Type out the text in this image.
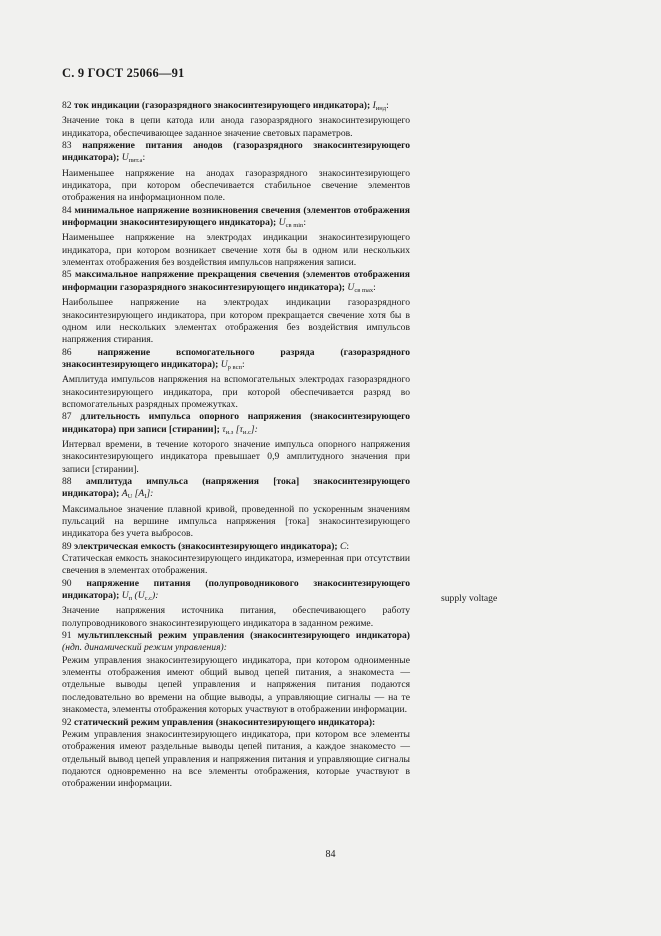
С. 9 ГОСТ 25066—91

82 ток индикации (газоразрядного знакосинтезирующего индикатора); $I_{инд}$:

Значение тока в цепи катода или анода газоразрядного знакосинтезирующего индикатора, обеспечивающее заданное значение световых параметров.

83 напряжение питания анодов (газоразрядного знакосинтезирующего индикатора); $U_{пит.а}$:

Наименьшее напряжение на анодах газоразрядного знакосинтезирующего индикатора, при котором обеспечивается стабильное свечение элементов отображения на информационном поле.

84 минимальное напряжение возникновения свечения (элементов отображения информации знакосинтезирующего индикатора); $U_{св min}$:

Наименьшее напряжение на электродах индикации знакосинтезирующего индикатора, при котором возникает свечение хотя бы в одном или нескольких элементах отображения без воздействия импульсов напряжения записи.

85 максимальное напряжение прекращения свечения (элементов отображения информации газоразрядного знакосинтезирующего индикатора); $U_{св max}$:

Наибольшее напряжение на электродах индикации газоразрядного знакосинтезирующего индикатора, при котором прекращается свечение хотя бы в одном или нескольких элементах отображения без воздействия импульсов напряжения стирания.

86	напряжение вспомогательного разряда (газоразрядного знакосинтезирующего индикатора); $U_{р всп}$:

Амплитуда импульсов напряжения на вспомогательных электродах газоразрядного знакосинтезирующего индикатора, при которой обеспечивается разряд во вспомогательных разрядных промежутках.

87 длительность импульса опорного напряжения (знакосинтезирующего индикатора) при записи [стирании]; $\tau_{и.з}$ $[\tau_{и.с}]$:

Интервал времени, в течение которого значение импульса опорного напряжения знакосинтезирующего индикатора превышает 0,9 амплитудного значения при записи [стирании].

88 амплитуда импульса (напряжения [тока] знакосинтезирующего индикатора); $A_U$ $[A_I]$:

Максимальное значение плавной кривой, проведенной по ускоренным значениям пульсаций на вершине импульса напряжения [тока] знакосинтезирующего индикатора без учета выбросов.

89 электрическая емкость (знакосинтезирующего индикатора); C:

Статическая емкость знакосинтезирующего индикатора, измеренная при отсутствии свечения в элементах отображения.

90 напряжение питания (полупроводникового знакосинтезирующего индикатора); $U_п$ $(U_{с.с})$:

Значение напряжения источника питания, обеспечивающего работу полупроводникового знакосинтезирующего индикатора в заданном режиме.

91 мультиплексный режим управления (знакосинтезирующего индикатора) (ндп. динамический режим управления):

Режим управления знакосинтезирующего индикатора, при котором одноименные элементы отображения имеют общий вывод цепей питания, а знакоместа — отдельные выводы цепей управления и напряжения питания подаются последовательно во времени на общие выводы, а управляющие сигналы — на те знакоместа, элементы отображения которых участвуют в отображении информации.

92 статический режим управления (знакосинтезирующего индикатора):

Режим управления знакосинтезирующего индикатора, при котором все элементы отображения имеют раздельные выводы цепей питания, а каждое знакоместо — отдельный вывод цепей управления и напряжения питания и управляющие сигналы подаются одновременно на все элементы отображения, которые участвуют в отображении информации.

supply voltage
84
